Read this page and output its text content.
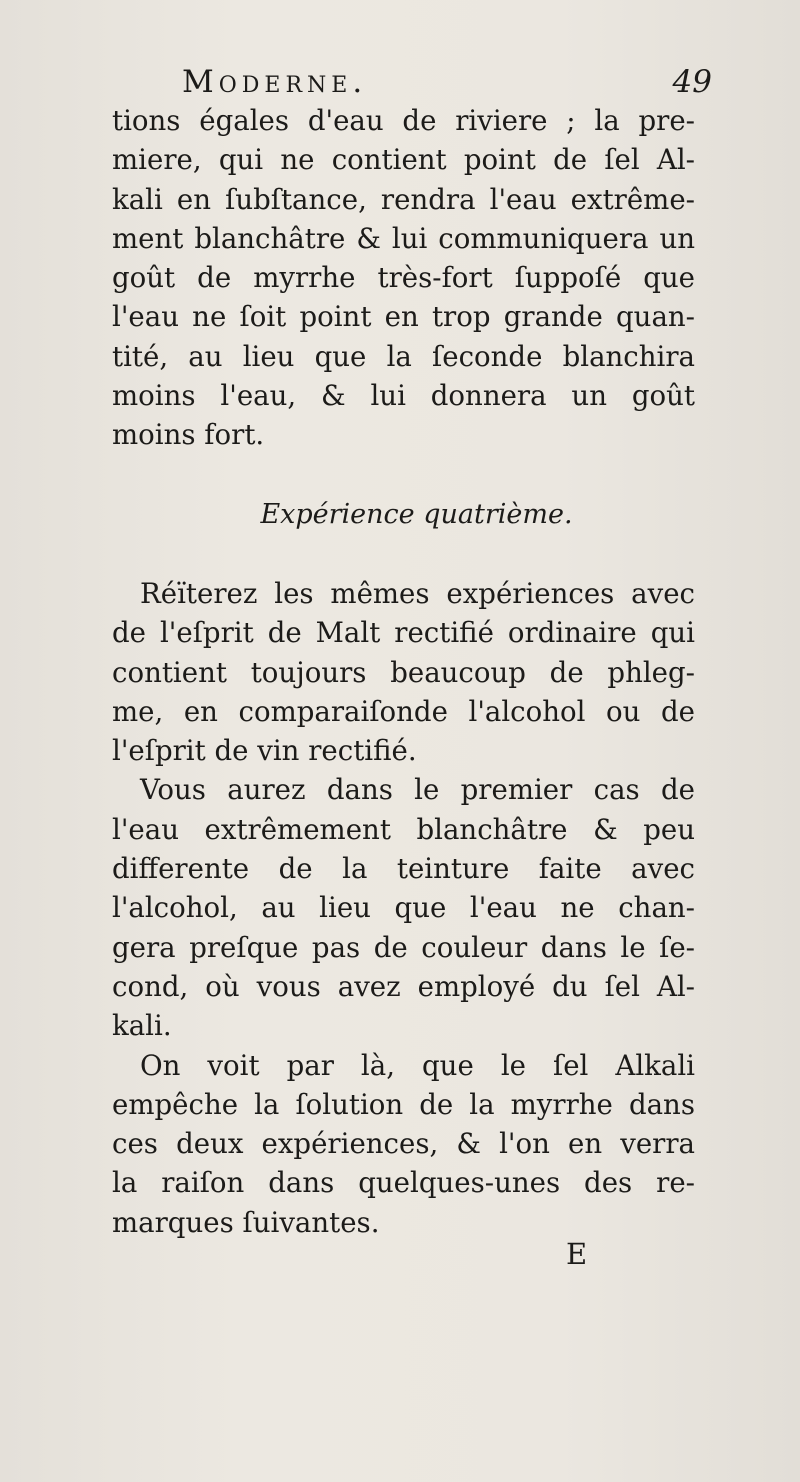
Moderne.	49
tions égales d'eau de riviere ; la pre-
miere, qui ne contient point de ſel Al-
kali en ſubſtance, rendra l'eau extrême-
ment blanchâtre & lui communiquera un
goût de myrrhe très-fort ſuppoſé que
l'eau ne ſoit point en trop grande quan-
tité, au lieu que la ſeconde blanchira
moins l'eau, & lui donnera un goût
moins fort.
Expérience quatrième.
Réïterez les mêmes expériences avec
de l'eſprit de Malt rectifié ordinaire qui
contient toujours beaucoup de phleg-
me, en comparaiſonde l'alcohol ou de
l'eſprit de vin rectifié.
Vous aurez dans le premier cas de
l'eau extrêmement blanchâtre & peu
differente de la teinture faite avec
l'alcohol, au lieu que l'eau ne chan-
gera preſque pas de couleur dans le ſe-
cond, où vous avez employé du ſel Al-
kali.
On voit par là, que le ſel Alkali
empêche la ſolution de la myrrhe dans
ces deux expériences, & l'on en verra
la raiſon dans quelques-unes des re-
marques ſuivantes.
E
